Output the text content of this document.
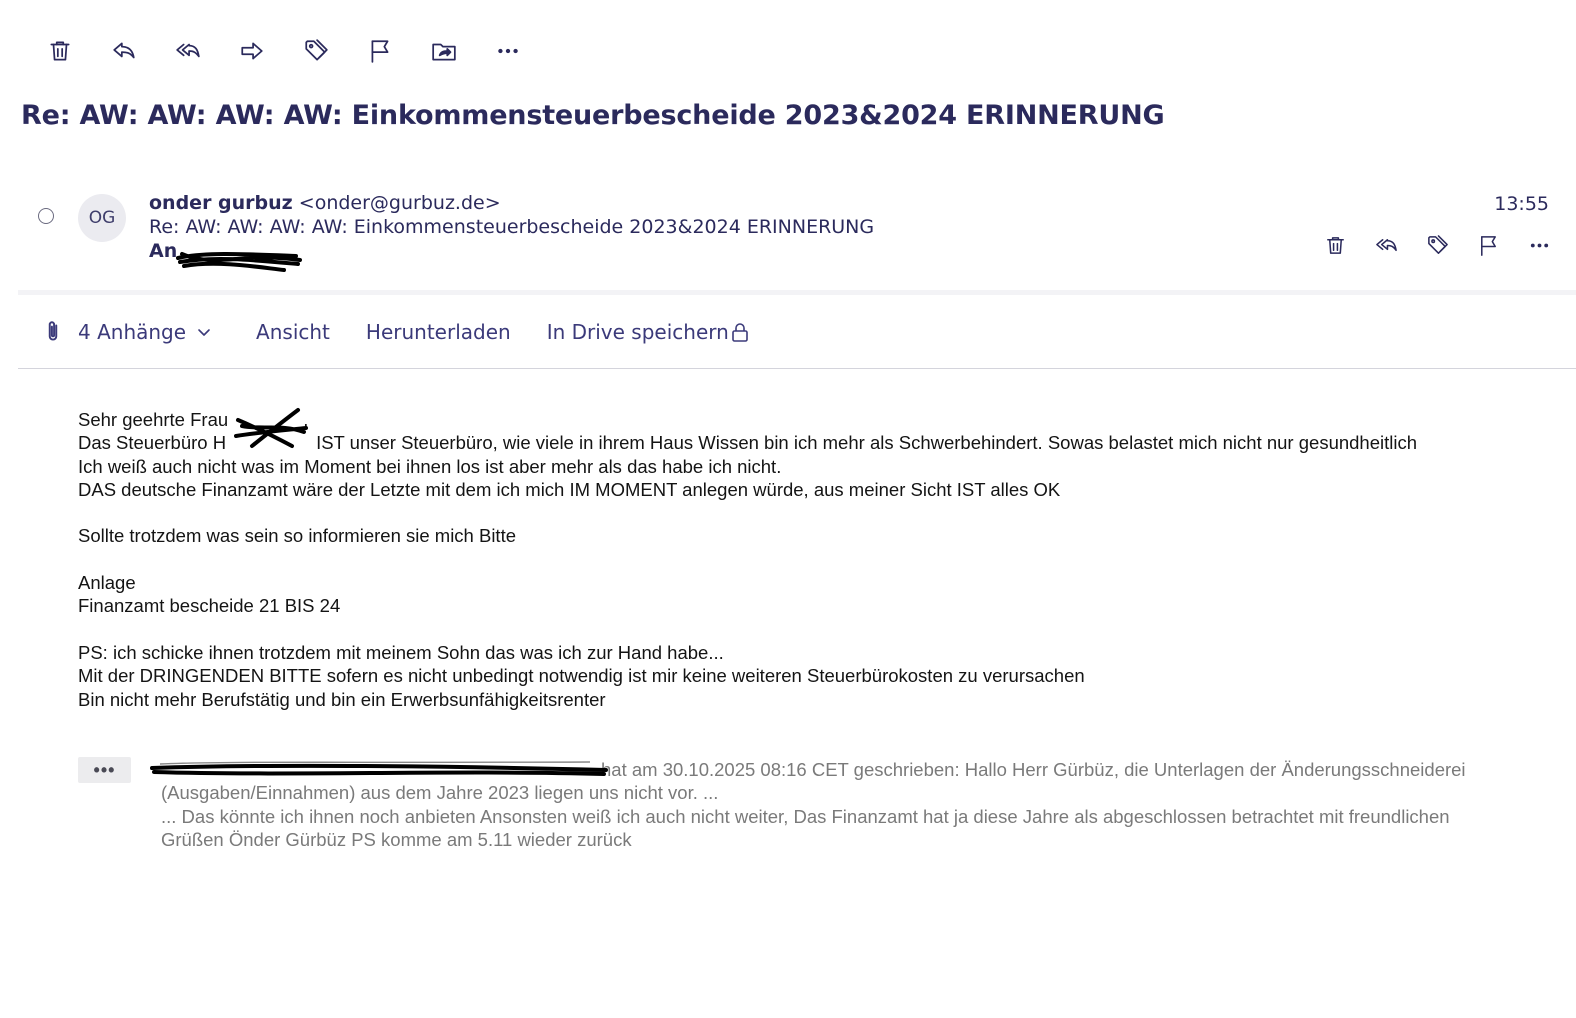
Re: AW: AW: AW: AW: Einkommensteuerbescheide 2023&2024 ERINNERUNG
OG
onder gurbuz <onder@gurbuz.de>
Re: AW: AW: AW: AW: Einkommensteuerbescheide 2023&2024 ERINNERUNG
An
13:55
4 Anhänge	Ansicht Herunterladen In Drive speichern
Sehr geehrte Frau	,
Das Steuerbüro H	IST unser Steuerbüro, wie viele in ihrem Haus Wissen bin ich mehr als Schwerbehindert. Sowas belastet mich nicht nur gesundheitlich
Ich weiß auch nicht was im Moment bei ihnen los ist aber mehr als das habe ich nicht.
DAS deutsche Finanzamt wäre der Letzte mit dem ich mich IM MOMENT anlegen würde, aus meiner Sicht IST alles OK
Sollte trotzdem was sein so informieren sie mich Bitte
Anlage
Finanzamt bescheide 21 BIS 24
PS: ich schicke ihnen trotzdem mit meinem Sohn das was ich zur Hand habe...
Mit der DRINGENDEN BITTE sofern es nicht unbedingt notwendig ist mir keine weiteren Steuerbürokosten zu verursachen
Bin nicht mehr Berufstätig und bin ein Erwerbsunfähigkeitsrenter
•••	hat am 30.10.2025 08:16 CET geschrieben: Hallo Herr Gürbüz, die Unterlagen der Änderungsschneiderei
(Ausgaben/Einnahmen) aus dem Jahre 2023 liegen uns nicht vor. ...
... Das könnte ich ihnen noch anbieten Ansonsten weiß ich auch nicht weiter, Das Finanzamt hat ja diese Jahre als abgeschlossen betrachtet mit freundlichen
Grüßen Önder Gürbüz PS komme am 5.11 wieder zurück
